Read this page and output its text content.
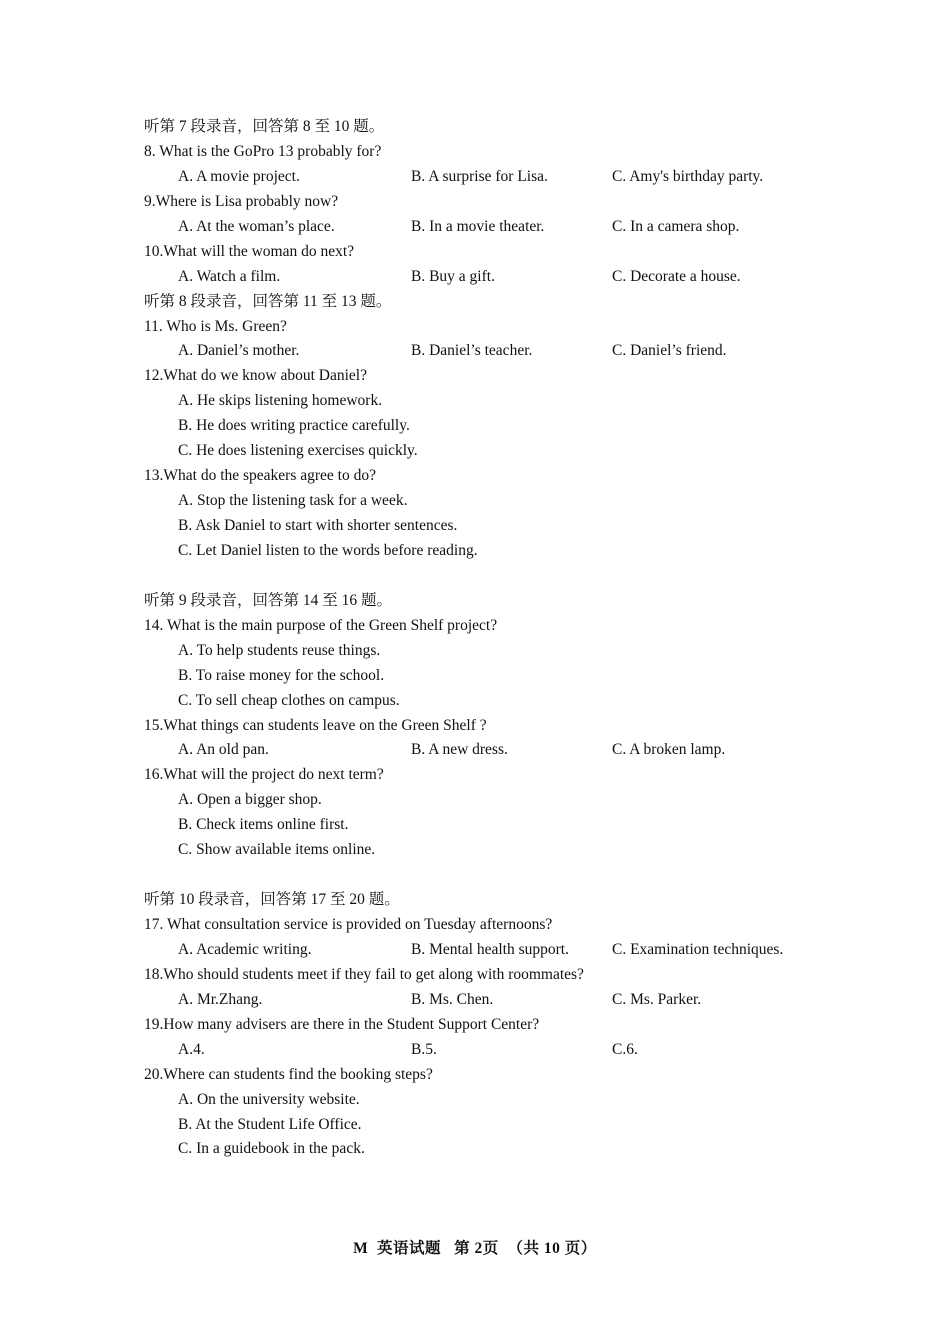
听第 7 段录音，回答第 8 至 10 题。
8. What is the GoPro 13 probably for?
A. A movie project.	B. A surprise for Lisa.	C. Amy's birthday party.
9.Where is Lisa probably now?
A. At the woman’s place.	B. In a movie theater.	C. In a camera shop.
10.What will the woman do next?
A. Watch a film.	B. Buy a gift.	C. Decorate a house.
听第 8 段录音，回答第 11 至 13 题。
11. Who is Ms. Green?
A. Daniel’s mother.	B. Daniel’s teacher.	C. Daniel’s friend.
12.What do we know about Daniel?
A. He skips listening homework.
B. He does writing practice carefully.
C. He does listening exercises quickly.
13.What do the speakers agree to do?
A. Stop the listening task for a week.
B. Ask Daniel to start with shorter sentences.
C. Let Daniel listen to the words before reading.
听第 9 段录音，回答第 14 至 16 题。
14. What is the main purpose of the Green Shelf project?
A. To help students reuse things.
B. To raise money for the school.
C. To sell cheap clothes on campus.
15.What things can students leave on the Green Shelf ?
A. An old pan.	B. A new dress.	C. A broken lamp.
16.What will the project do next term?
A. Open a bigger shop.
B. Check items online first.
C. Show available items online.
听第 10 段录音，回答第 17 至 20 题。
17. What consultation service is provided on Tuesday afternoons?
A. Academic writing.	B. Mental health support.	C. Examination techniques.
18.Who should students meet if they fail to get along with roommates?
A. Mr.Zhang.	B. Ms. Chen.	C. Ms. Parker.
19.How many advisers are there in the Student Support Center?
A.4.	B.5.	C.6.
20.Where can students find the booking steps?
A. On the university website.
B. At the Student Life Office.
C. In a guidebook in the pack.
M  英语试题   第 2页  （共 10 页）
